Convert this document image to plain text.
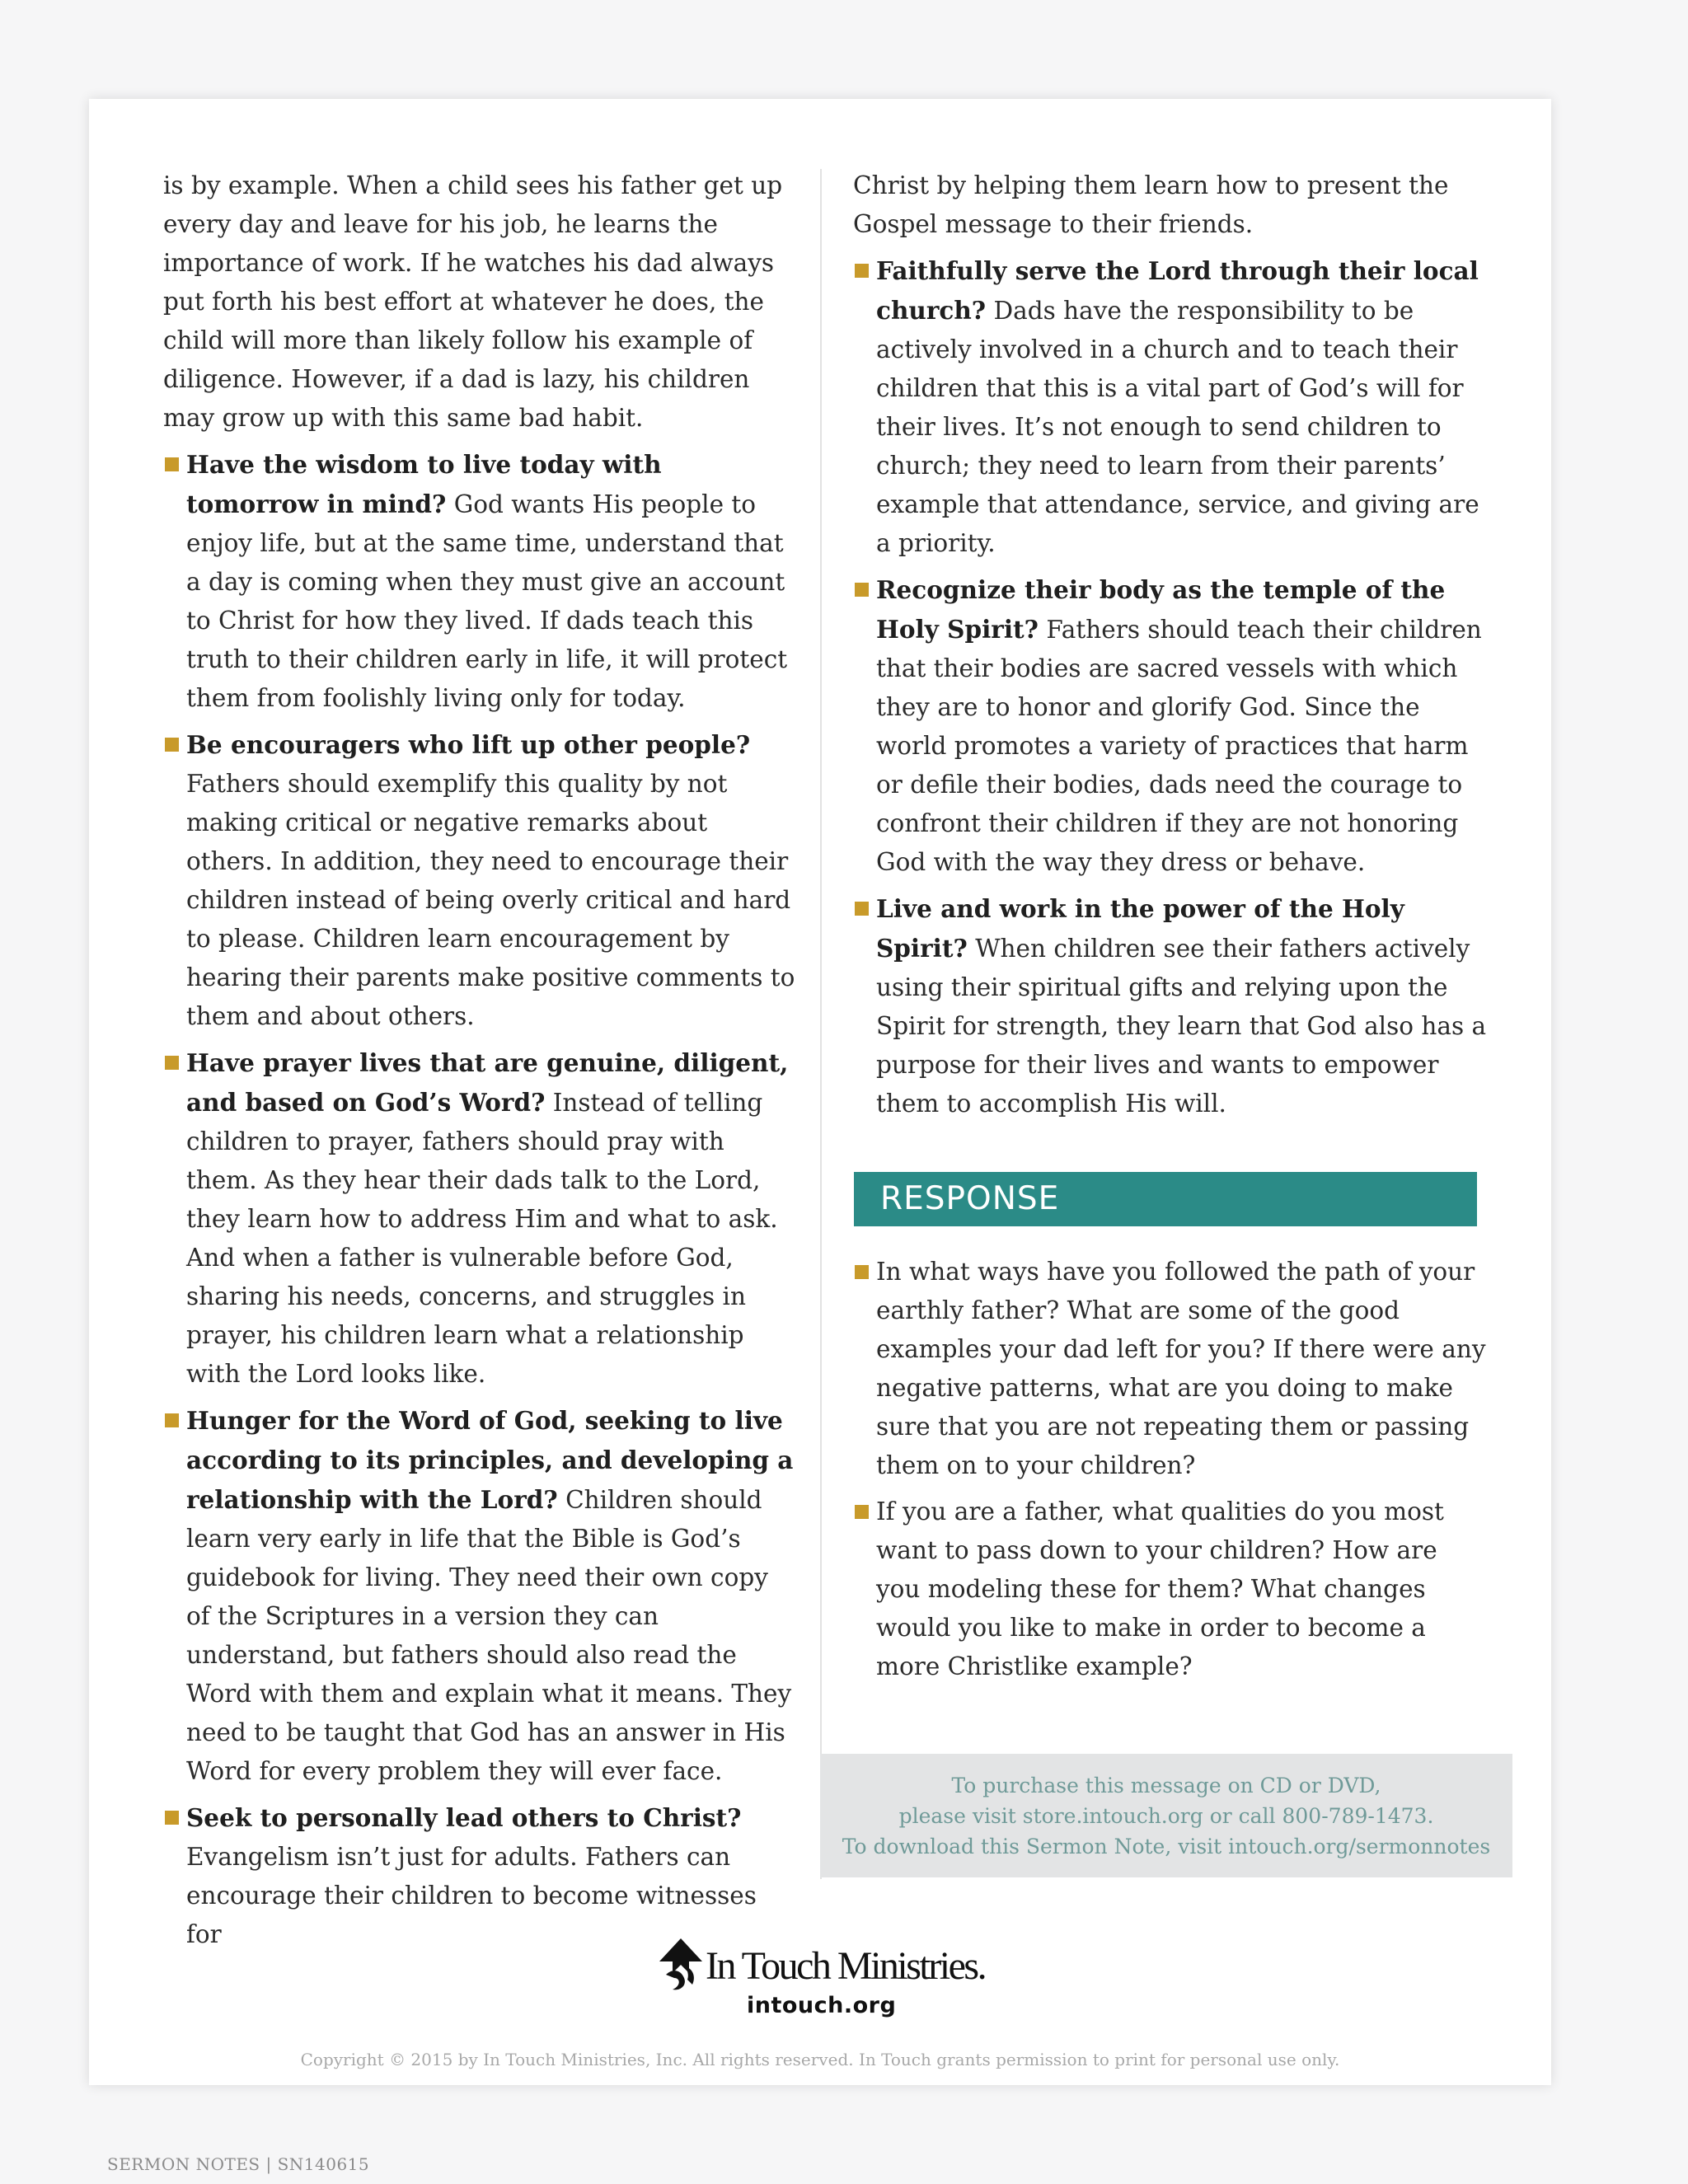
is by example. When a child sees his father get up every day and leave for his job, he learns the importance of work. If he watches his dad always put forth his best effort at whatever he does, the child will more than likely follow his example of diligence. However, if a dad is lazy, his children may grow up with this same bad habit.

Have the wisdom to live today with tomorrow in mind? God wants His people to enjoy life, but at the same time, understand that a day is coming when they must give an account to Christ for how they lived. If dads teach this truth to their children early in life, it will protect them from foolishly living only for today.

Be encouragers who lift up other people? Fathers should exemplify this quality by not making critical or negative remarks about others. In addition, they need to encourage their children instead of being overly critical and hard to please. Children learn encouragement by hearing their parents make positive comments to them and about others.

Have prayer lives that are genuine, diligent, and based on God’s Word? Instead of telling children to prayer, fathers should pray with them. As they hear their dads talk to the Lord, they learn how to address Him and what to ask. And when a father is vulnerable before God, sharing his needs, concerns, and struggles in prayer, his children learn what a relationship with the Lord looks like.

Hunger for the Word of God, seeking to live according to its principles, and developing a relationship with the Lord? Children should learn very early in life that the Bible is God’s guidebook for living. They need their own copy of the Scriptures in a version they can understand, but fathers should also read the Word with them and explain what it means. They need to be taught that God has an answer in His Word for every problem they will ever face.

Seek to personally lead others to Christ? Evangelism isn’t just for adults. Fathers can encourage their children to become witnesses for

Christ by helping them learn how to present the Gospel message to their friends.

Faithfully serve the Lord through their local church? Dads have the responsibility to be actively involved in a church and to teach their children that this is a vital part of God’s will for their lives. It’s not enough to send children to church; they need to learn from their parents’ example that attendance, service, and giving are a priority.

Recognize their body as the temple of the Holy Spirit? Fathers should teach their children that their bodies are sacred vessels with which they are to honor and glorify God. Since the world promotes a variety of practices that harm or defile their bodies, dads need the courage to confront their children if they are not honoring God with the way they dress or behave.

Live and work in the power of the Holy Spirit? When children see their fathers actively using their spiritual gifts and relying upon the Spirit for strength, they learn that God also has a purpose for their lives and wants to empower them to accomplish His will.

RESPONSE

In what ways have you followed the path of your earthly father? What are some of the good examples your dad left for you? If there were any negative patterns, what are you doing to make sure that you are not repeating them or passing them on to your children?

If you are a father, what qualities do you most want to pass down to your children? How are you modeling these for them? What changes would you like to make in order to become a more Christlike example?

To purchase this message on CD or DVD,
please visit store.intouch.org or call 800-789-1473.
To download this Sermon Note, visit intouch.org/sermonnotes
In Touch Ministries.
intouch.org
Copyright © 2015 by In Touch Ministries, Inc. All rights reserved. In Touch grants permission to print for personal use only.
SERMON NOTES | SN140615
